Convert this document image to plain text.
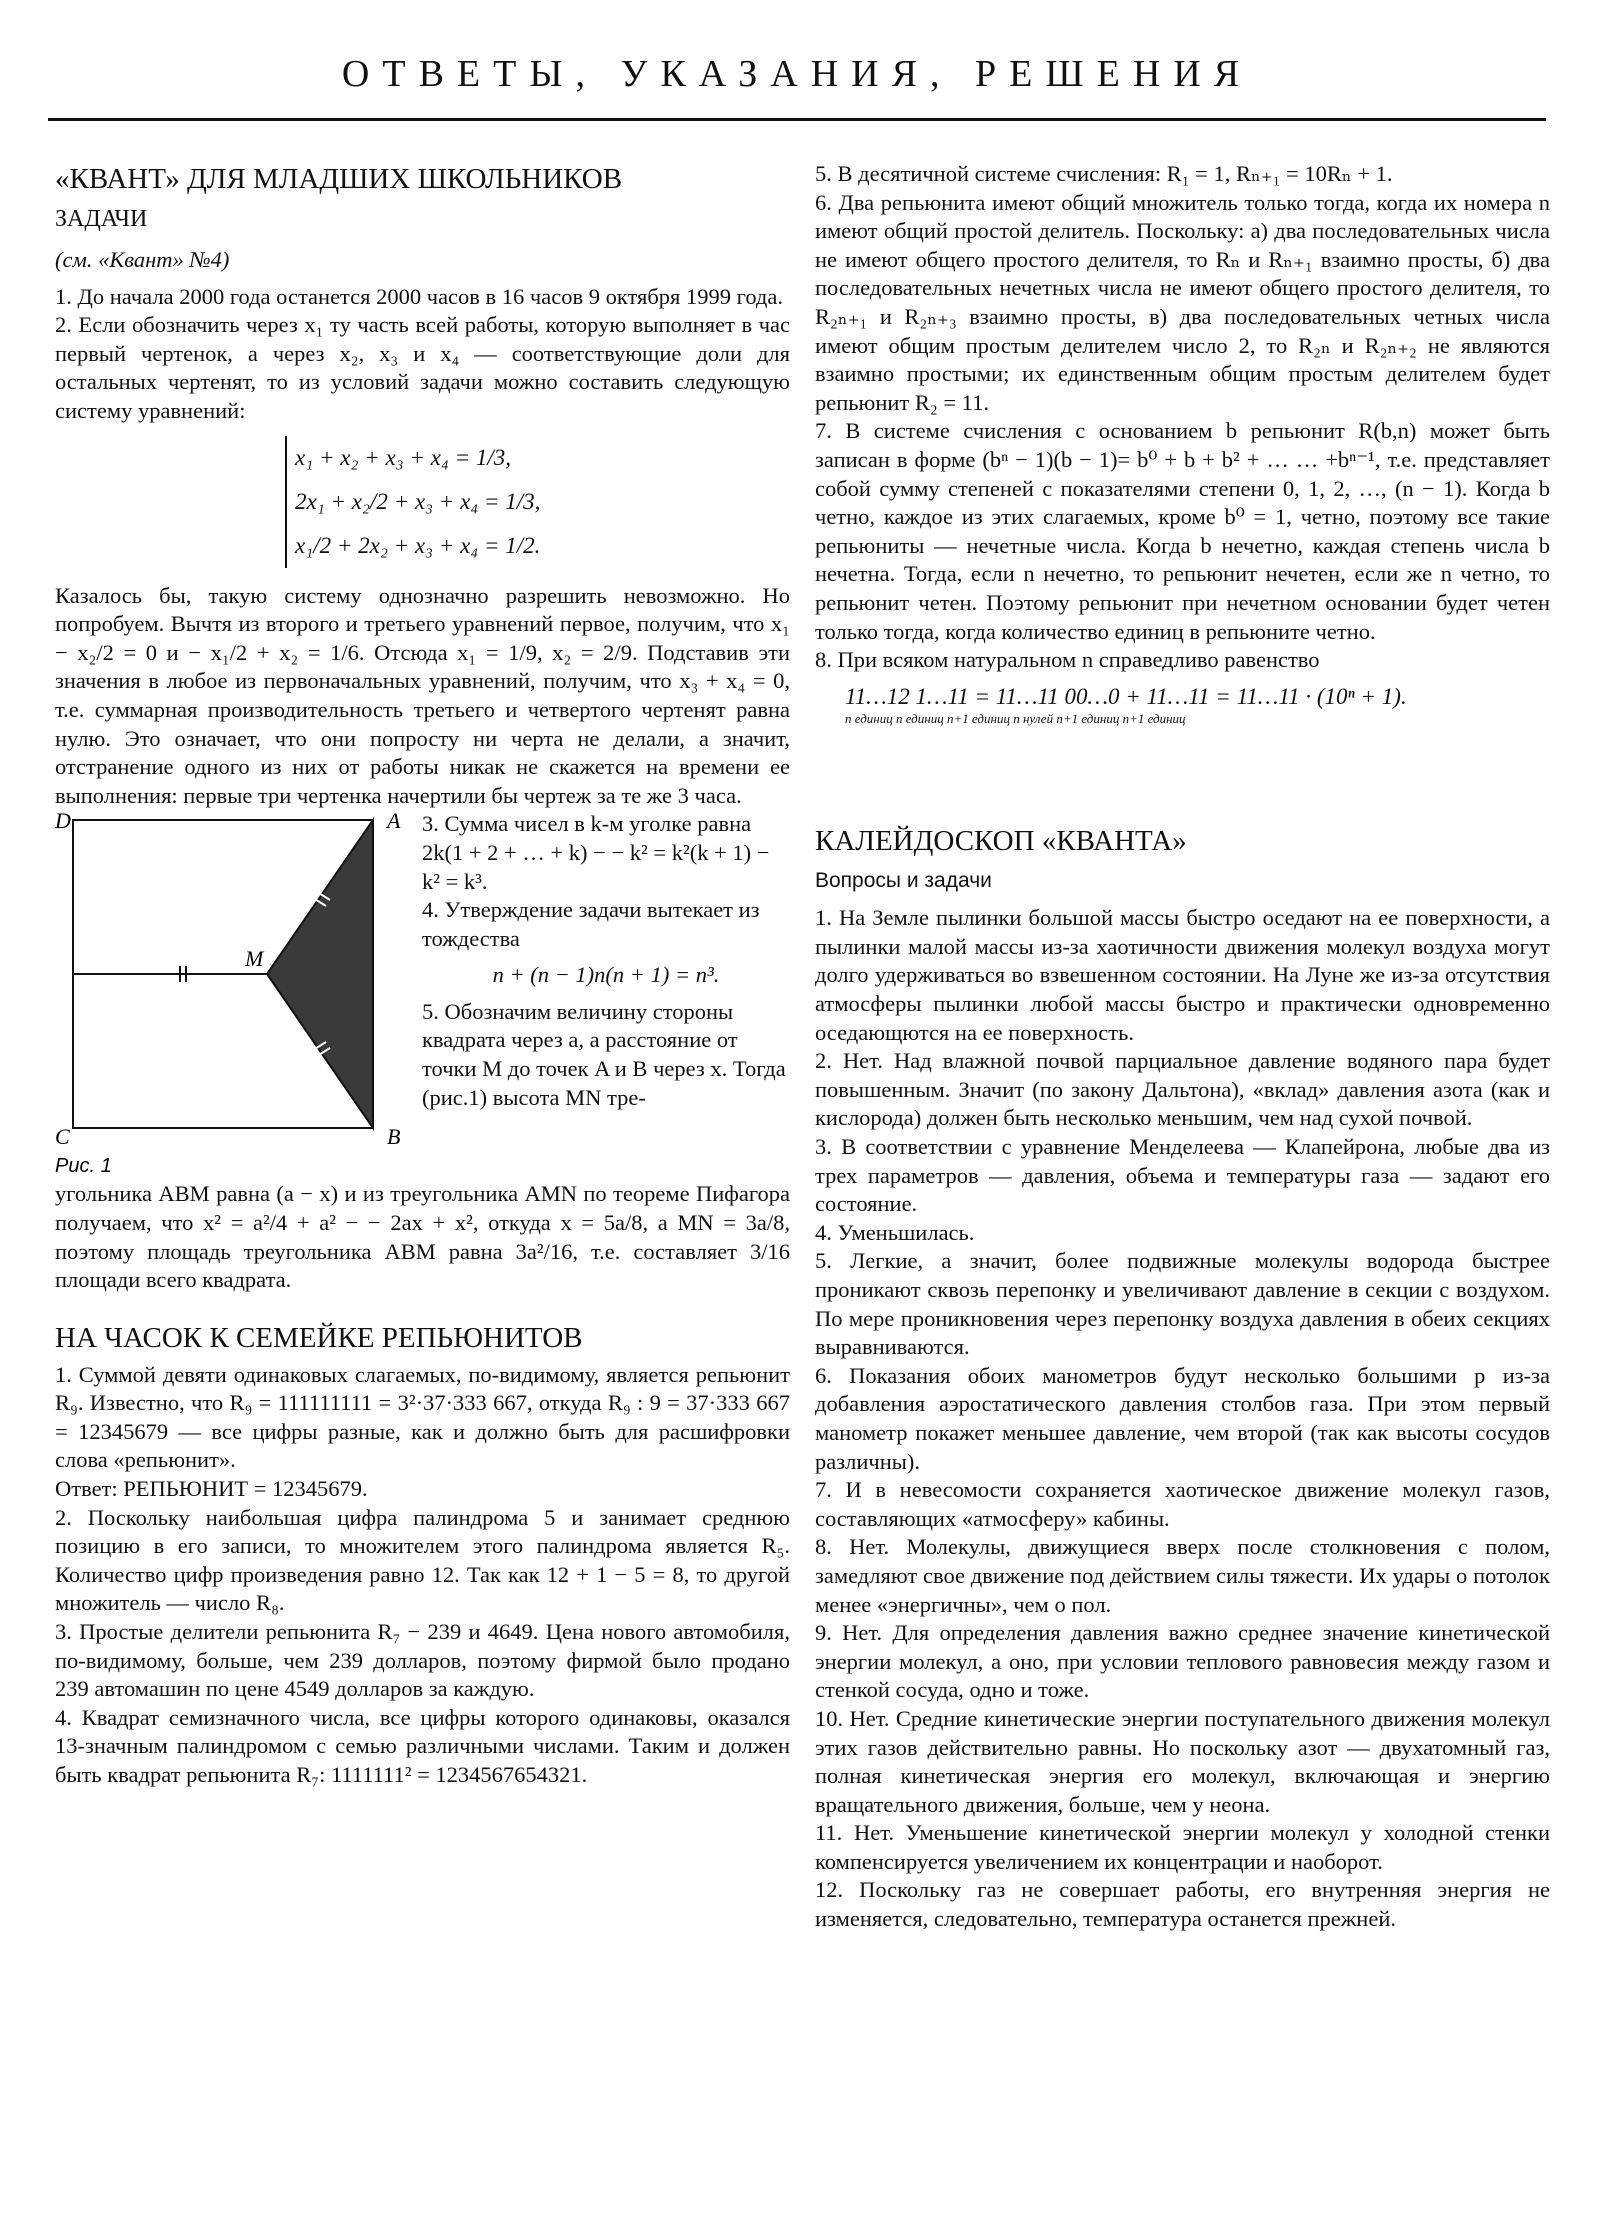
ОТВЕТЫ, УКАЗАНИЯ, РЕШЕНИЯ

«КВАНТ» ДЛЯ МЛАДШИХ ШКОЛЬНИКОВ

ЗАДАЧИ

(см. «Квант» №4)

1. До начала 2000 года останется 2000 часов в 16 часов 9 октября 1999 года.

2. Если обозначить через x₁ ту часть всей работы, которую выполняет в час первый чертенок, а через x₂, x₃ и x₄ — соответствующие доли для остальных чертенят, то из условий задачи можно составить следующую систему уравнений:

x₁ + x₂ + x₃ + x₄ = 1/3,
2x₁ + x₂/2 + x₃ + x₄ = 1/3,
x₁/2 + 2x₂ + x₃ + x₄ = 1/2.

Казалось бы, такую систему однозначно разрешить невозможно. Но попробуем. Вычтя из второго и третьего уравнений первое, получим, что x₁ − x₂/2 = 0 и − x₁/2 + x₂ = 1/6. Отсюда x₁ = 1/9, x₂ = 2/9. Подставив эти значения в любое из первоначальных уравнений, получим, что x₃ + x₄ = 0, т.е. суммарная производительность третьего и четвертого чертенят равна нулю. Это означает, что они попросту ни черта не делали, а значит, отстранение одного из них от работы никак не скажется на времени ее выполнения: первые три чертенка начертили бы чертеж за те же 3 часа.

D	A
C	B
M
Рис. 1

3. Сумма чисел в k-м уголке равна 2k(1 + 2 + … + k) − − k² = k²(k + 1) − k² = k³.

4. Утверждение задачи вытекает из тождества

n + (n − 1)n(n + 1) = n³.

5. Обозначим величину стороны квадрата через a, а расстояние от точки M до точек A и B через x. Тогда (рис.1) высота MN тре-

угольника ABM равна (a − x) и из треугольника AMN по теореме Пифагора получаем, что x² = a²/4 + a² − − 2ax + x², откуда x = 5a/8, а MN = 3a/8, поэтому площадь треугольника ABM равна 3a²/16, т.е. составляет 3/16 площади всего квадрата.

НА ЧАСОК К СЕМЕЙКЕ РЕПЬЮНИТОВ

1. Суммой девяти одинаковых слагаемых, по-видимому, является репьюнит R₉. Известно, что R₉ = 111111111 = 3²·37·333 667, откуда R₉ : 9 = 37·333 667 = 12345679 — все цифры разные, как и должно быть для расшифровки слова «репьюнит».

Ответ: РЕПЬЮНИТ = 12345679.

2. Поскольку наибольшая цифра палиндрома 5 и занимает среднюю позицию в его записи, то множителем этого палиндрома является R₅. Количество цифр произведения равно 12. Так как 12 + 1 − 5 = 8, то другой множитель — число R₈.

3. Простые делители репьюнита R₇ − 239 и 4649. Цена нового автомобиля, по-видимому, больше, чем 239 долларов, поэтому фирмой было продано 239 автомашин по цене 4549 долларов за каждую.

4. Квадрат семизначного числа, все цифры которого одинаковы, оказался 13-значным палиндромом с семью различными числами. Таким и должен быть квадрат репьюнита R₇: 1111111² = 1234567654321.

5. В десятичной системе счисления: R₁ = 1, Rₙ₊₁ = 10Rₙ + 1.

6. Два репьюнита имеют общий множитель только тогда, когда их номера n имеют общий простой делитель. Поскольку: а) два последовательных числа не имеют общего простого делителя, то Rₙ и Rₙ₊₁ взаимно просты, б) два последовательных нечетных числа не имеют общего простого делителя, то R₂ₙ₊₁ и R₂ₙ₊₃ взаимно просты, в) два последовательных четных числа имеют общим простым делителем число 2, то R₂ₙ и R₂ₙ₊₂ не являются взаимно простыми; их единственным общим простым делителем будет репьюнит R₂ = 11.

7. В системе счисления с основанием b репьюнит R(b,n) может быть записан в форме (bⁿ − 1)(b − 1)= b⁰ + b + b² + … … +bⁿ⁻¹, т.е. представляет собой сумму степеней с показателями степени 0, 1, 2, …, (n − 1). Когда b четно, каждое из этих слагаемых, кроме b⁰ = 1, четно, поэтому все такие репьюниты — нечетные числа. Когда b нечетно, каждая степень числа b нечетна. Тогда, если n нечетно, то репьюнит нечетен, если же n четно, то репьюнит четен. Поэтому репьюнит при нечетном основании будет четен только тогда, когда количество единиц в репьюните четно.

8. При всяком натуральном n справедливо равенство

11…12 1…11 = 11…11 00…0 + 11…11 = 11…11 · (10ⁿ + 1).

n единиц n единиц n+1 единиц n нулей n+1 единиц n+1 единиц

КАЛЕЙДОСКОП «КВАНТА»

Вопросы и задачи

1. На Земле пылинки большой массы быстро оседают на ее поверхности, а пылинки малой массы из-за хаотичности движения молекул воздуха могут долго удерживаться во взвешенном состоянии. На Луне же из-за отсутствия атмосферы пылинки любой массы быстро и практически одновременно оседающются на ее поверхность.

2. Нет. Над влажной почвой парциальное давление водяного пара будет повышенным. Значит (по закону Дальтона), «вклад» давления азота (как и кислорода) должен быть несколько меньшим, чем над сухой почвой.

3. В соответствии с уравнение Менделеева — Клапейрона, любые два из трех параметров — давления, объема и температуры газа — задают его состояние.

4. Уменьшилась.

5. Легкие, а значит, более подвижные молекулы водорода быстрее проникают сквозь перепонку и увеличивают давление в секции с воздухом. По мере проникновения через перепонку воздуха давления в обеих секциях выравниваются.

6. Показания обоих манометров будут несколько большими p из-за добавления аэростатического давления столбов газа. При этом первый манометр покажет меньшее давление, чем второй (так как высоты сосудов различны).

7. И в невесомости сохраняется хаотическое движение молекул газов, составляющих «атмосферу» кабины.

8. Нет. Молекулы, движущиеся вверх после столкновения с полом, замедляют свое движение под действием силы тяжести. Их удары о потолок менее «энергичны», чем о пол.

9. Нет. Для определения давления важно среднее значение кинетической энергии молекул, а оно, при условии теплового равновесия между газом и стенкой сосуда, одно и тоже.

10. Нет. Средние кинетические энергии поступательного движения молекул этих газов действительно равны. Но поскольку азот — двухатомный газ, полная кинетическая энергия его молекул, включающая и энергию вращательного движения, больше, чем у неона.

11. Нет. Уменьшение кинетической энергии молекул у холодной стенки компенсируется увеличением их концентрации и наоборот.

12. Поскольку газ не совершает работы, его внутренняя энергия не изменяется, следовательно, температура останется прежней.
